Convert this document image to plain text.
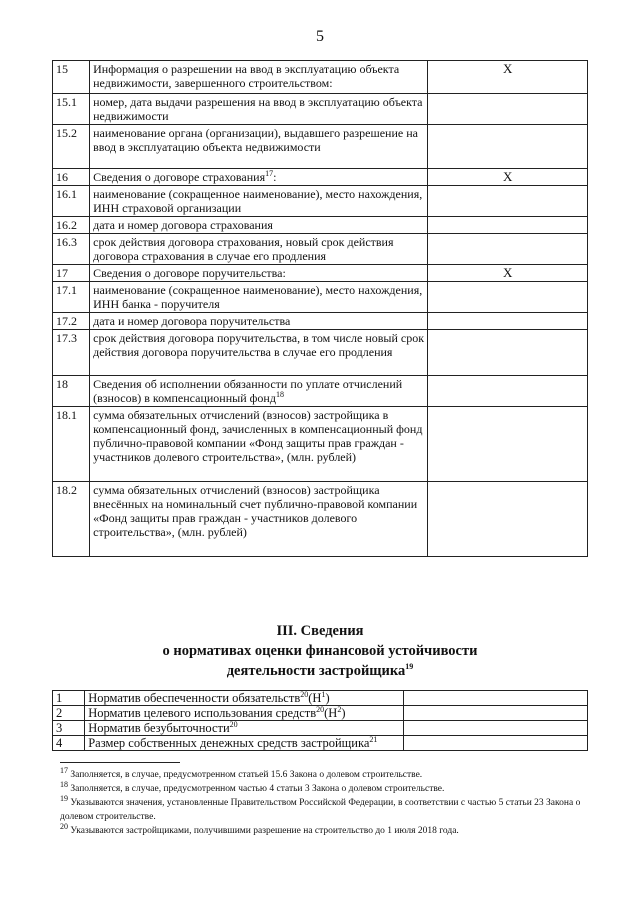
5
15	Информация о разрешении на ввод в эксплуатацию объекта недвижимости, завершенного строительством:	X
15.1	номер, дата выдачи разрешения на ввод в эксплуатацию объекта недвижимости	
15.2	наименование органа (организации), выдавшего разрешение на ввод в эксплуатацию объекта недвижимости	
16	Сведения о договоре страхования$^{17}$:	X
16.1	наименование (сокращенное наименование), место нахождения, ИНН страховой организации	
16.2	дата и номер договора страхования	
16.3	срок действия договора страхования, новый срок действия договора страхования в случае его продления	
17	Сведения о договоре поручительства:	X
17.1	наименование (сокращенное наименование), место нахождения, ИНН банка - поручителя	
17.2	дата и номер договора поручительства	
17.3	срок действия договора поручительства, в том числе новый срок действия договора поручительства в случае его продления	
18	Сведения об исполнении обязанности по уплате отчислений (взносов) в компенсационный фонд$^{18}$	
18.1	сумма обязательных отчислений (взносов) застройщика в компенсационный фонд, зачисленных в компенсационный фонд публично-правовой компании «Фонд защиты прав граждан - участников долевого строительства», (млн. рублей)	
18.2	сумма обязательных отчислений (взносов) застройщика внесённых на номинальный счет публично-правовой компании «Фонд защиты прав граждан - участников долевого строительства», (млн. рублей)	
III. Сведения
о нормативах оценки финансовой устойчивости
деятельности застройщика$^{19}$
1	Норматив обеспеченности $обязательств^{20}(Н^1)$	
2	Норматив целевого использования $средств^{20}(Н^2)$	
3	Норматив безубыточности$^{20}$	
4	Размер собственных денежных средств застройщика$^{21}$	

$^{17}$ Заполняется, в случае, предусмотренном статьей 15.6 Закона о долевом строительстве.

$^{18}$ Заполняется, в случае, предусмотренном частью 4 статьи 3 Закона о долевом строительстве.

$^{19}$ Указываются значения, установленные Правительством Российской Федерации, в соответствии с частью 5 статьи 23 Закона о долевом строительстве.

$^{20}$ Указываются застройщиками, получившими разрешение на строительство до 1 июля 2018 года.
